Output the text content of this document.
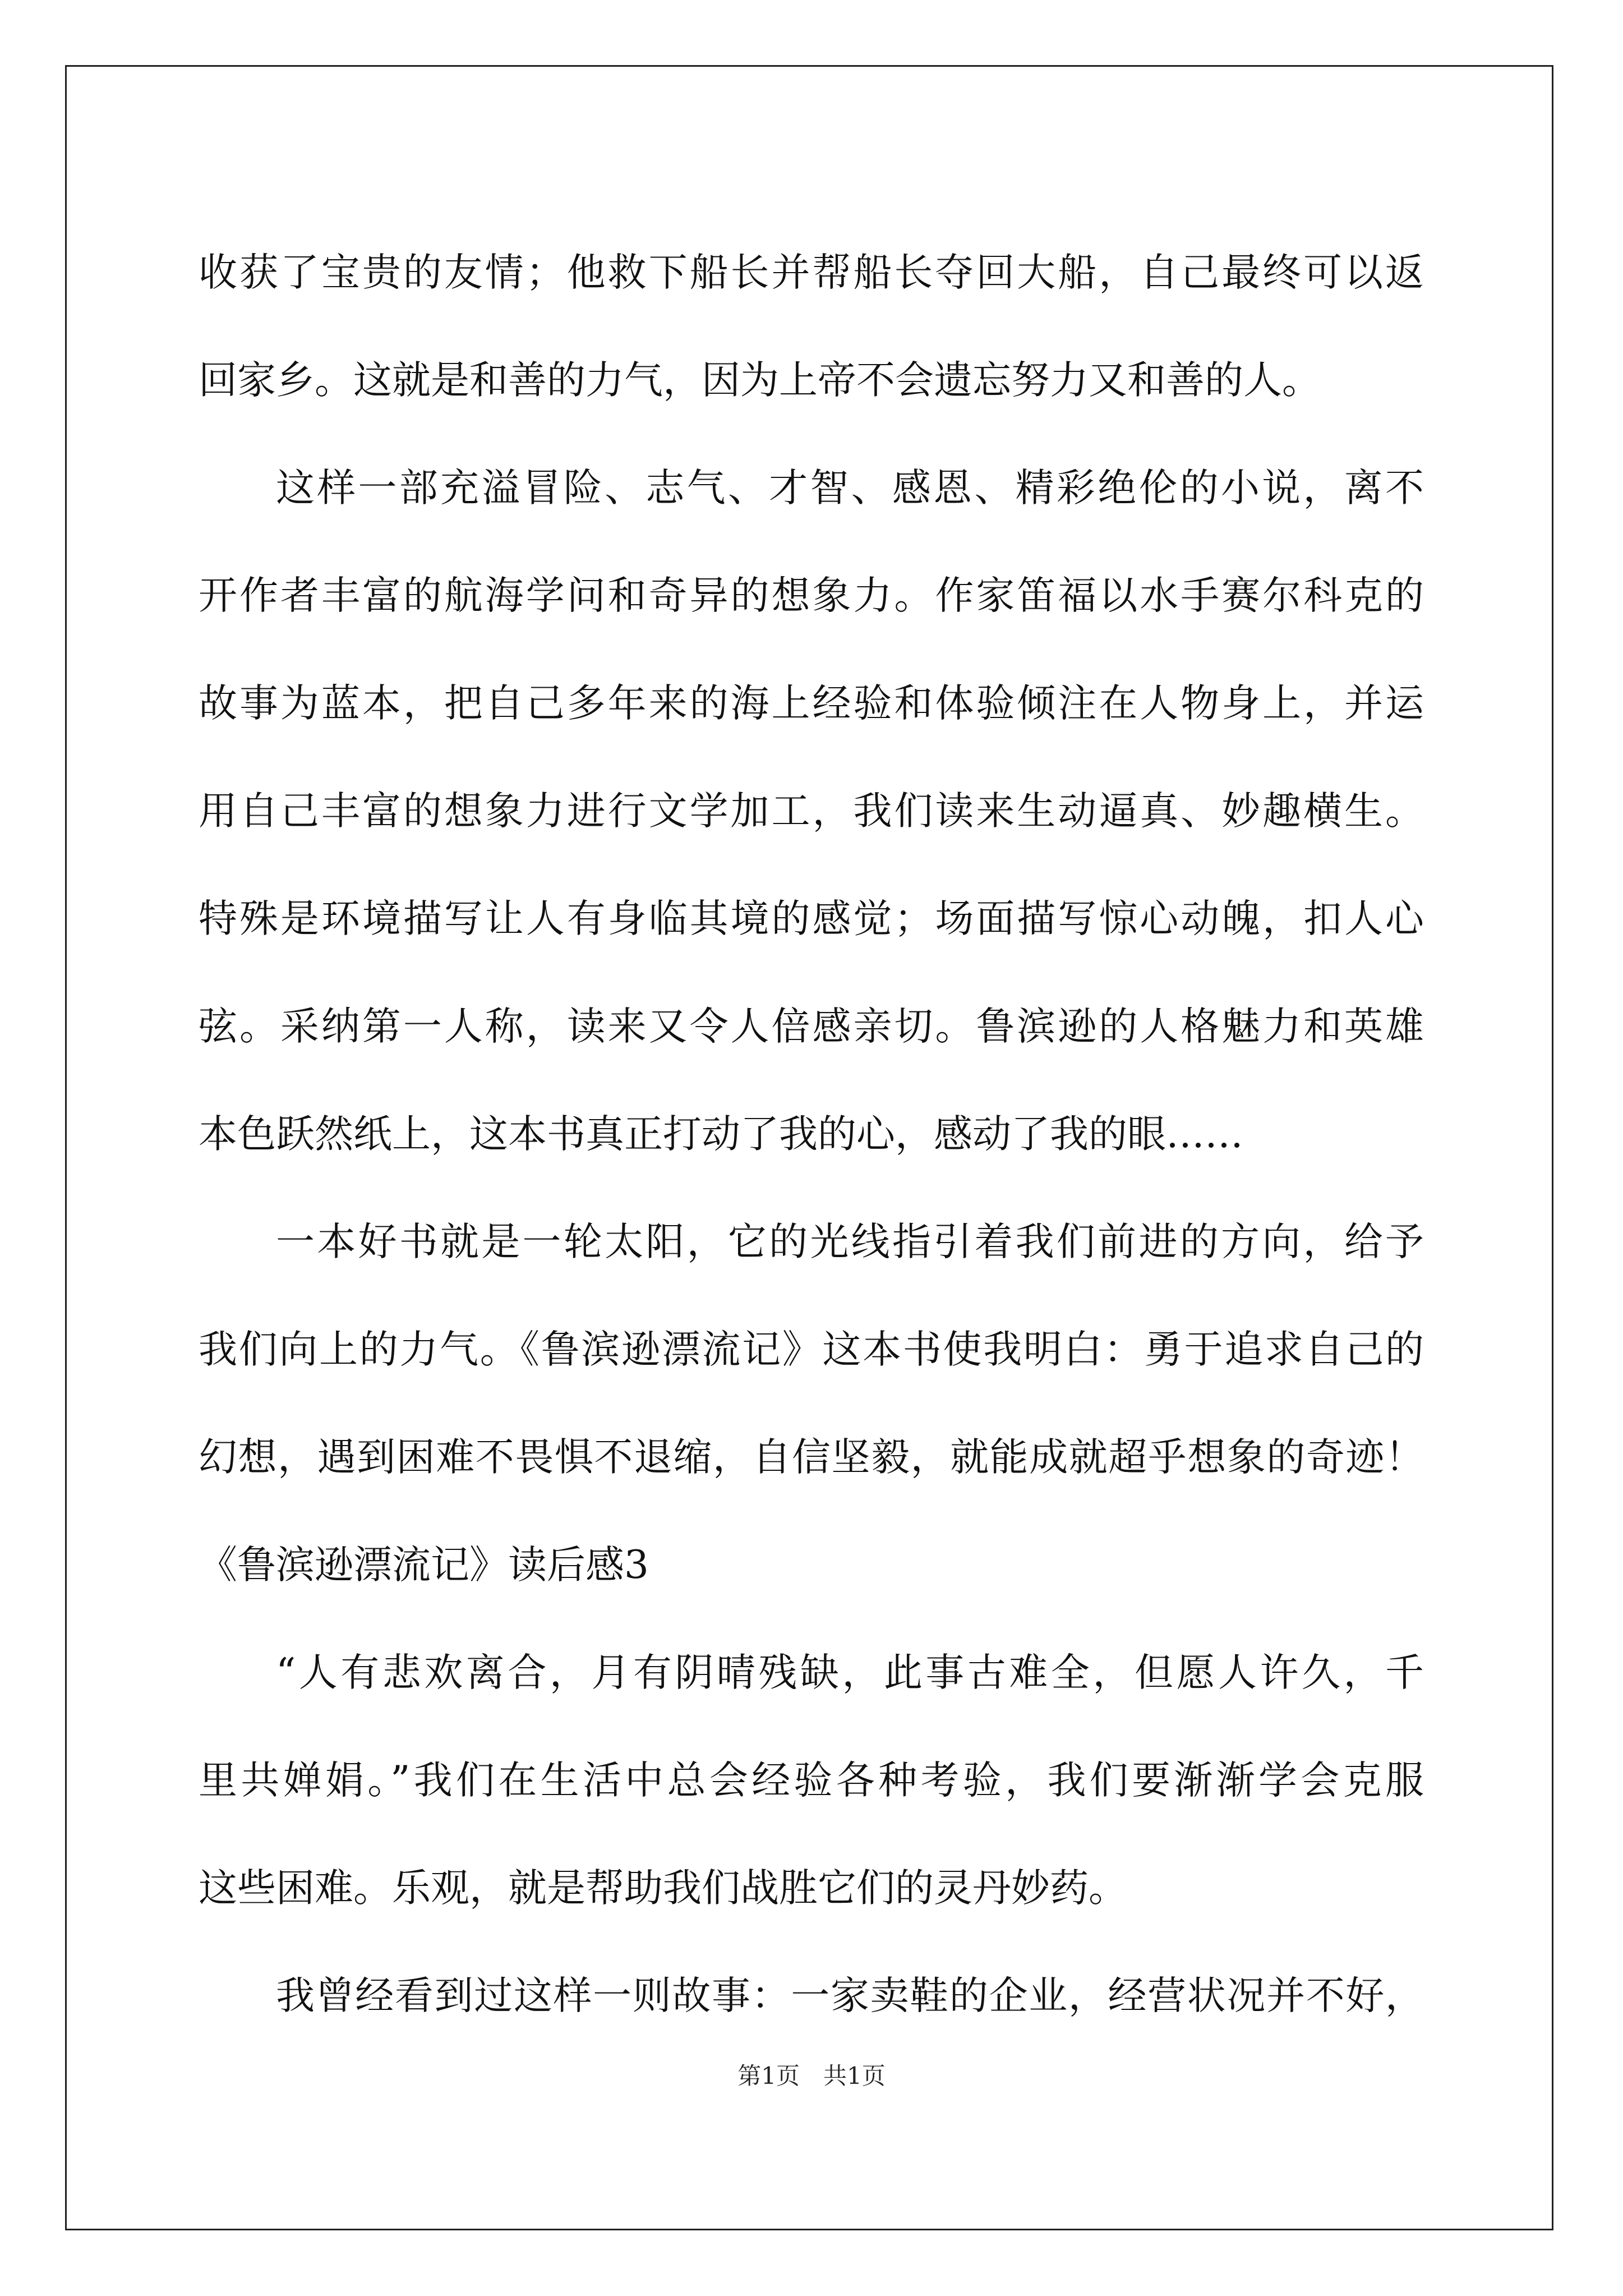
收获了宝贵的友情；他救下船长并帮船长夺回大船，自己最终可以返
回家乡。这就是和善的力气，因为上帝不会遗忘努力又和善的人。
这样一部充溢冒险、志气、才智、感恩、精彩绝伦的小说，离不
开作者丰富的航海学问和奇异的想象力。作家笛福以水手赛尔科克的
故事为蓝本，把自己多年来的海上经验和体验倾注在人物身上，并运
用自己丰富的想象力进行文学加工，我们读来生动逼真、妙趣横生。
特殊是环境描写让人有身临其境的感觉；场面描写惊心动魄，扣人心
弦。采纳第一人称，读来又令人倍感亲切。鲁滨逊的人格魅力和英雄
本色跃然纸上，这本书真正打动了我的心，感动了我的眼……
一本好书就是一轮太阳，它的光线指引着我们前进的方向，给予
我们向上的力气。《鲁滨逊漂流记》这本书使我明白：勇于追求自己的
幻想，遇到困难不畏惧不退缩，自信坚毅，就能成就超乎想象的奇迹！
《鲁滨逊漂流记》读后感3
“人有悲欢离合，月有阴晴残缺，此事古难全，但愿人许久，千
里共婵娟。”我们在生活中总会经验各种考验，我们要渐渐学会克服
这些困难。乐观，就是帮助我们战胜它们的灵丹妙药。
我曾经看到过这样一则故事：一家卖鞋的企业，经营状况并不好，
第1页　共1页
